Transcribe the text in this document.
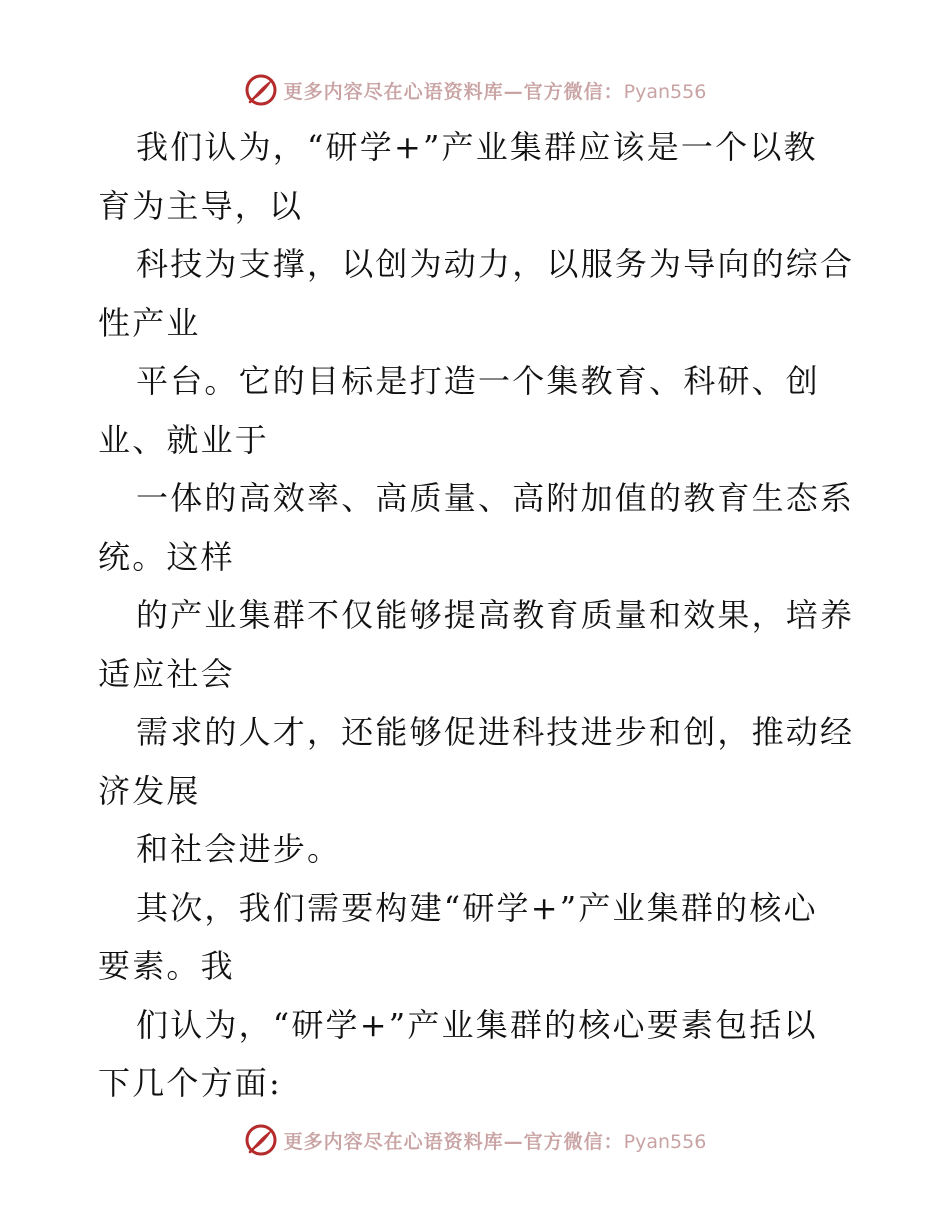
更多内容尽在心语资料库—官方微信：Pyan556
我们认为，“研学+”产业集群应该是一个以教
育为主导，以
科技为支撑，以创为动力，以服务为导向的综合
性产业
平台。它的目标是打造一个集教育、科研、创
业、就业于
一体的高效率、高质量、高附加值的教育生态系
统。这样
的产业集群不仅能够提高教育质量和效果，培养
适应社会
需求的人才，还能够促进科技进步和创，推动经
济发展
和社会进步。
其次，我们需要构建“研学+”产业集群的核心
要素。我
们认为，“研学+”产业集群的核心要素包括以
下几个方面:
更多内容尽在心语资料库—官方微信：Pyan556
